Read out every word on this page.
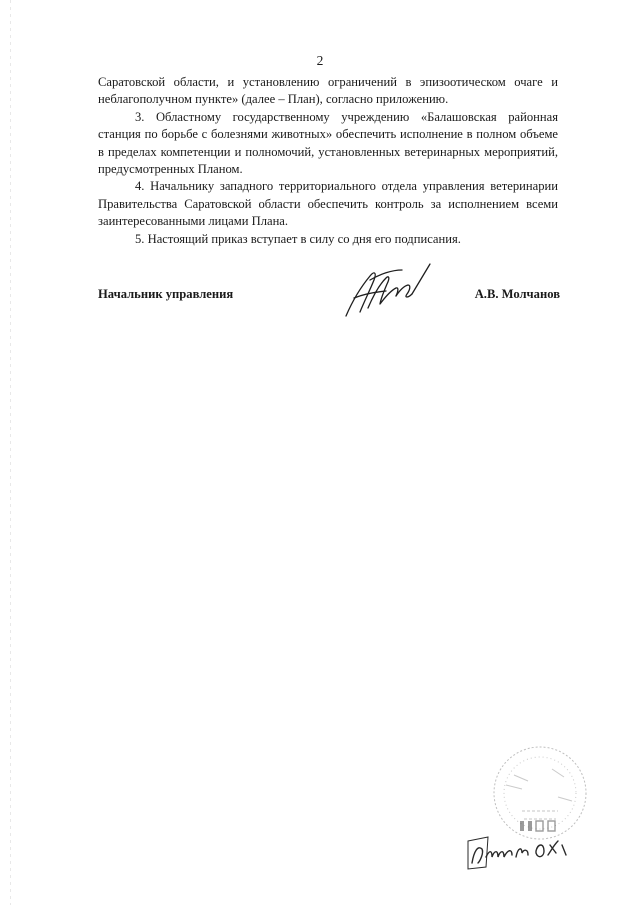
2

Саратовской области, и установлению ограничений в эпизоотическом очаге и неблагополучном пункте» (далее – План), согласно приложению.

3. Областному государственному учреждению «Балашовская районная станция по борьбе с болезнями животных» обеспечить исполнение в полном объеме в пределах компетенции и полномочий, установленных ветеринарных мероприятий, предусмотренных Планом.

4. Начальнику западного территориального отдела управления ветеринарии Правительства Саратовской области обеспечить контроль за исполнением всеми заинтересованными лицами Плана.

5. Настоящий приказ вступает в силу со дня его подписания.

Начальник управления	А.В. Молчанов
